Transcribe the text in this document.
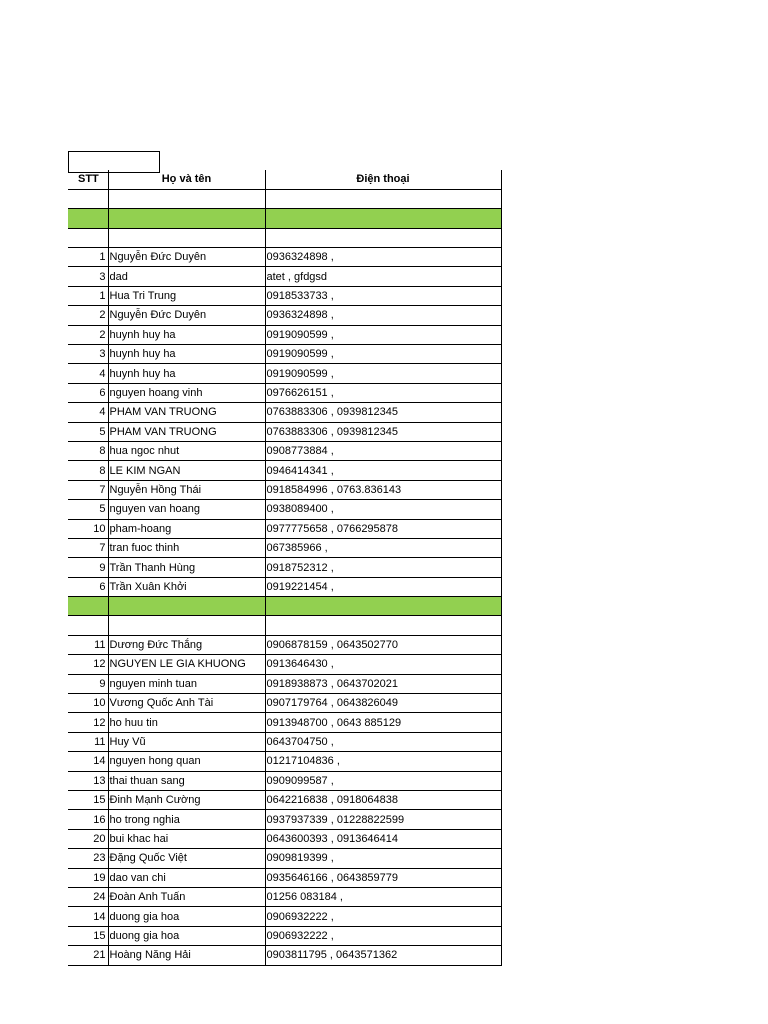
STT	Họ và tên	Điện thoại

1	Nguyễn Đức Duyên	0936324898 ,
3	dad	atet , gfdgsd
1	Hua Tri Trung	0918533733 ,
2	Nguyễn Đức Duyên	0936324898 ,
2	huynh huy ha	0919090599 ,
3	huynh huy ha	0919090599 ,
4	huynh huy ha	0919090599 ,
6	nguyen hoang vinh	0976626151 ,
4	PHAM VAN TRUONG	0763883306 , 0939812345
5	PHAM VAN TRUONG	0763883306 , 0939812345
8	hua ngoc nhut	0908773884 ,
8	LE KIM NGAN	0946414341 ,
7	Nguyễn Hồng Thái	0918584996 , 0763.836143
5	nguyen van hoang	0938089400 ,
10	pham-hoang	0977775658 , 0766295878
7	tran fuoc thinh	067385966 ,
9	Trần Thanh Hùng	0918752312 ,
6	Trần Xuân Khởi	0919221454 ,

11	Dương Đức Thắng	0906878159 , 0643502770
12	NGUYEN LE GIA KHUONG	0913646430 ,
9	nguyen minh tuan	0918938873 , 0643702021
10	Vương Quốc Anh Tài	0907179764 , 0643826049
12	ho huu tin	0913948700 , 0643 885129
11	Huy Vũ	0643704750 ,
14	nguyen hong quan	01217104836 ,
13	thai thuan sang	0909099587 ,
15	Đinh Mạnh Cường	0642216838 , 0918064838
16	ho trong nghia	0937937339 , 01228822599
20	bui khac hai	0643600393 , 0913646414
23	Đặng Quốc Việt	0909819399 ,
19	dao van chi	0935646166 , 0643859779
24	Đoàn Anh Tuấn	01256 083184 ,
14	duong gia hoa	0906932222 ,
15	duong gia hoa	0906932222 ,
21	Hoàng Năng Hải	0903811795 , 0643571362
